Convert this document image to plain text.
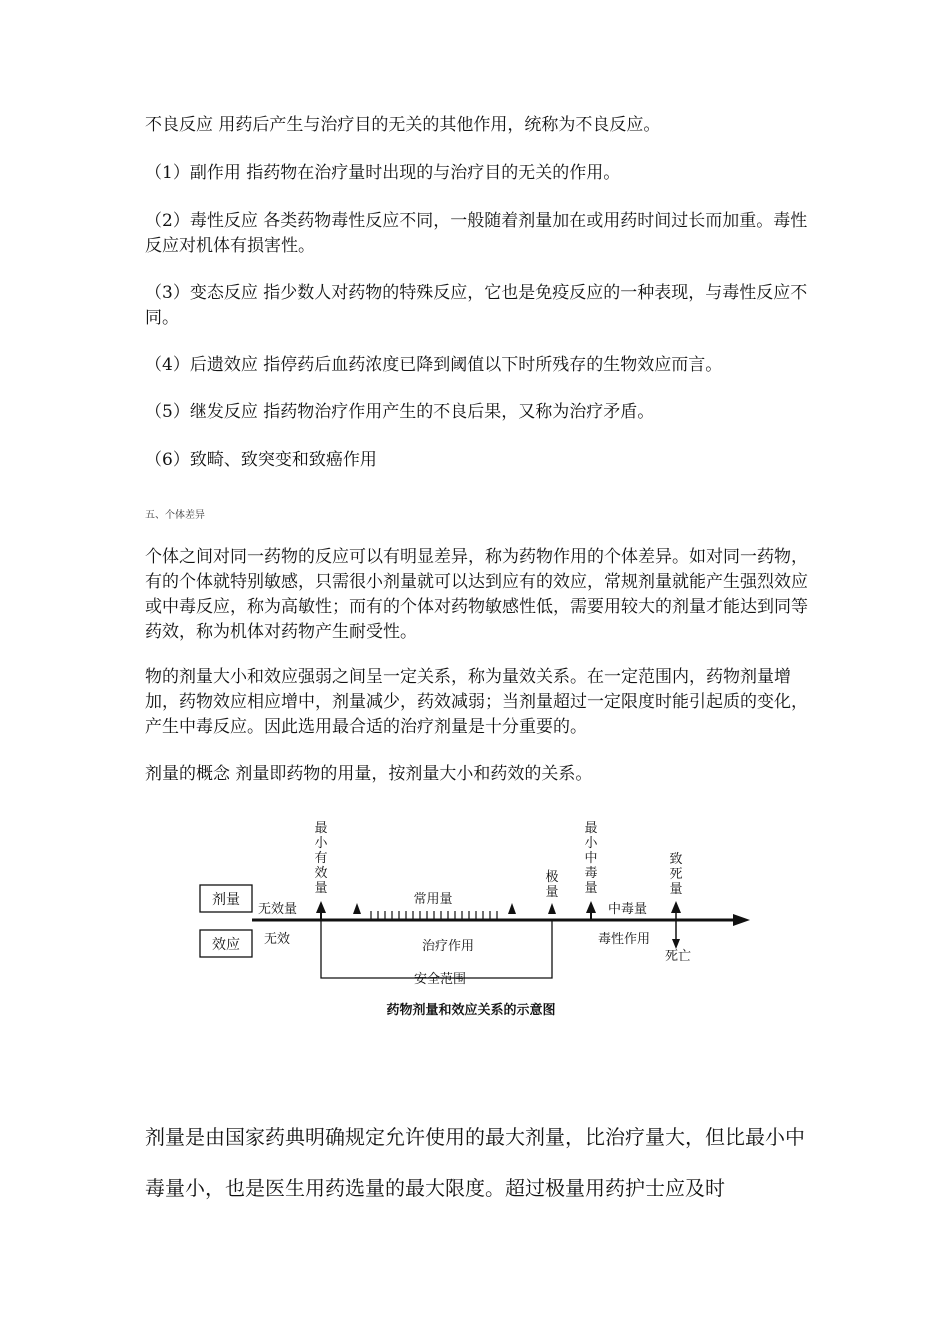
不良反应 用药后产生与治疗目的无关的其他作用，统称为不良反应。

（1）副作用 指药物在治疗量时出现的与治疗目的无关的作用。

（2）毒性反应 各类药物毒性反应不同，一般随着剂量加在或用药时间过长而加重。毒性反应对机体有损害性。

（3）变态反应 指少数人对药物的特殊反应，它也是免疫反应的一种表现，与毒性反应不同。

（4）后遗效应 指停药后血药浓度已降到阈值以下时所残存的生物效应而言。

（5）继发反应 指药物治疗作用产生的不良后果，又称为治疗矛盾。

（6）致畸、致突变和致癌作用

五、个体差异

个体之间对同一药物的反应可以有明显差异，称为药物作用的个体差异。如对同一药物，有的个体就特别敏感，只需很小剂量就可以达到应有的效应，常规剂量就能产生强烈效应或中毒反应，称为高敏性；而有的个体对药物敏感性低，需要用较大的剂量才能达到同等药效，称为机体对药物产生耐受性。

物的剂量大小和效应强弱之间呈一定关系，称为量效关系。在一定范围内，药物剂量增加，药物效应相应增中，剂量减少，药效减弱；当剂量超过一定限度时能引起质的变化，产生中毒反应。因此选用最合适的治疗剂量是十分重要的。

剂量的概念 剂量即药物的用量，按剂量大小和药效的关系。

剂量
效应
无效量
无效
最小有效量
常用量
极量
最小中毒量
中毒量
致死量
毒性作用
死亡
治疗作用
安全范围
药物剂量和效应关系的示意图
剂量是由国家药典明确规定允许使用的最大剂量，比治疗量大，但比最小中毒量小，也是医生用药选量的最大限度。超过极量用药护士应及时
